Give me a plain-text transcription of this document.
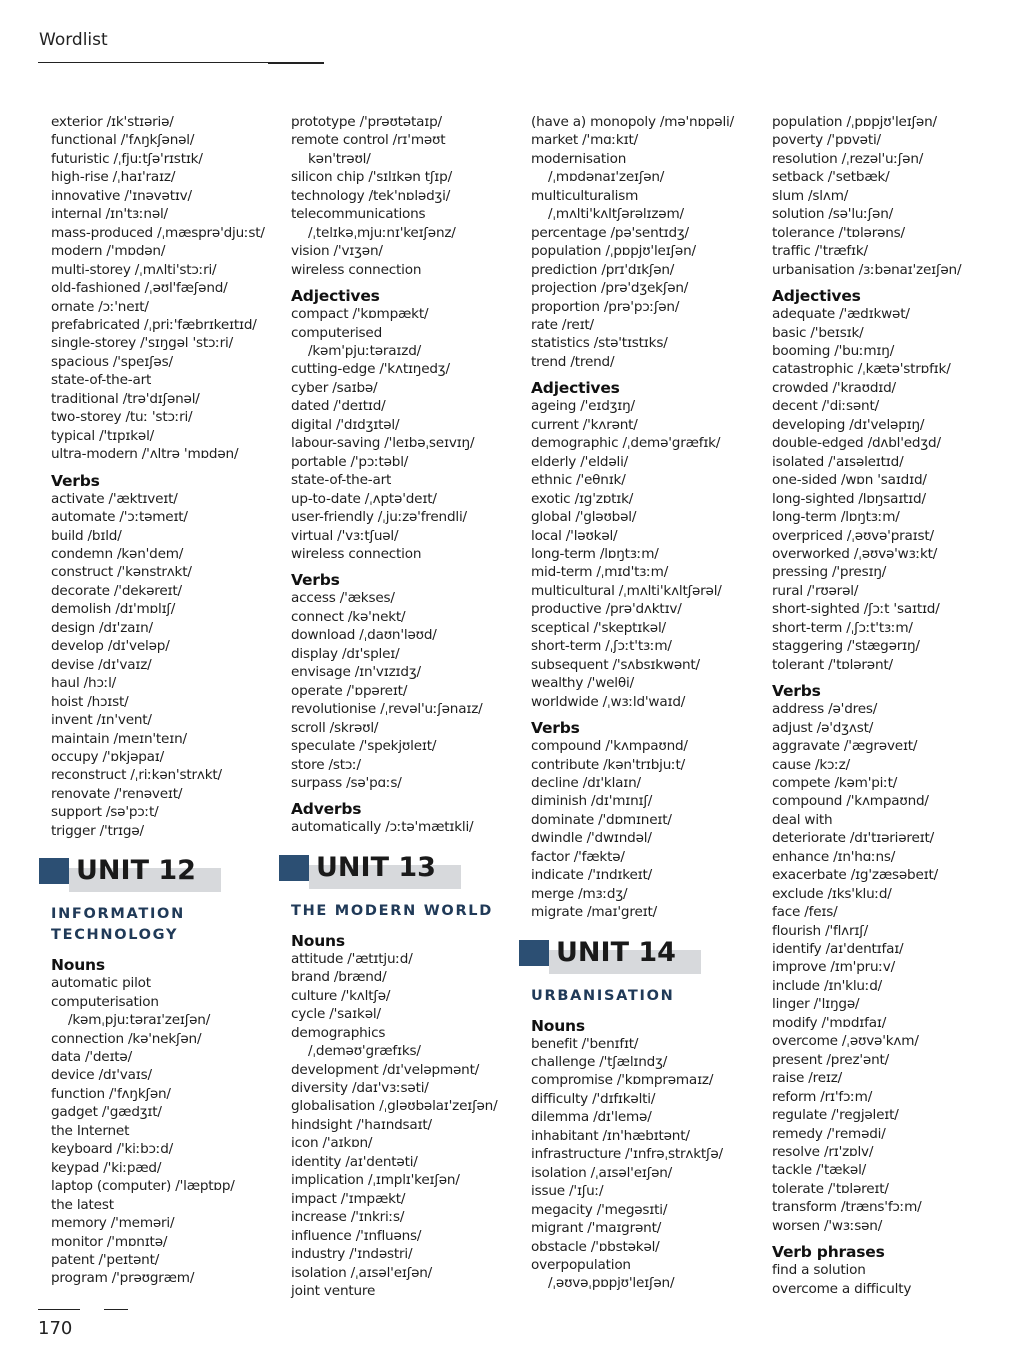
Wordlist
exterior /ɪk'stɪəriə/
functional /'fʌŋkʃənəl/
futuristic /ˌfjuːtʃə'rɪstɪk/
high-rise /ˌhaɪ'raɪz/
innovative /'ɪnəvətɪv/
internal /ɪn'tɜːnəl/
mass-produced /ˌmæsprə'djuːst/
modern /'mɒdən/
multi-storey /ˌmʌlti'stɔːri/
old-fashioned /ˌəʊl'fæʃənd/
ornate /ɔː'neɪt/
prefabricated /ˌpriː'fæbrɪkeɪtɪd/
single-storey /'sɪŋgəl 'stɔːri/
spacious /'speɪʃəs/
state-of-the-art
traditional /trə'dɪʃənəl/
two-storey /tuː 'stɔːri/
typical /'tɪpɪkəl/
ultra-modern /'ʌltrə 'mɒdən/
Verbs
activate /'æktɪveɪt/
automate /'ɔːtəmeɪt/
build /bɪld/
condemn /kən'dem/
construct /'kənstrʌkt/
decorate /'dekəreɪt/
demolish /dɪ'mɒlɪʃ/
design /dɪ'zaɪn/
develop /dɪ'veləp/
devise /dɪ'vaɪz/
haul /hɔːl/
hoist /hɔɪst/
invent /ɪn'vent/
maintain /meɪn'teɪn/
occupy /'ɒkjəpaɪ/
reconstruct /ˌriːkən'strʌkt/
renovate /'renəveɪt/
support /sə'pɔːt/
trigger /'trɪgə/
UNIT 12
INFORMATION
TECHNOLOGY
Nouns
automatic pilot
computerisation
/kəmˌpjuːtəraɪ'zeɪʃən/
connection /kə'nekʃən/
data /'deɪtə/
device /dɪ'vaɪs/
function /'fʌŋkʃən/
gadget /'gædʒɪt/
the Internet
keyboard /'kiːbɔːd/
keypad /'kiːpæd/
laptop (computer) /'læptɒp/
the latest
memory /'meməri/
monitor /'mɒnɪtə/
patent /'peɪtənt/
program /'prəʊgræm/
prototype /'prəʊtətaɪp/
remote control /rɪ'məʊt
kən'trəʊl/
silicon chip /'sɪlɪkən tʃɪp/
technology /tek'nɒlədʒi/
telecommunications
/ˌtelɪkəˌmjuːnɪ'keɪʃənz/
vision /'vɪʒən/
wireless connection
Adjectives
compact /'kɒmpækt/
computerised
/kəm'pjuːtəraɪzd/
cutting-edge /'kʌtɪŋedʒ/
cyber /saɪbə/
dated /'deɪtɪd/
digital /'dɪdʒɪtəl/
labour-saving /'leɪbəˌseɪvɪŋ/
portable /'pɔːtəbl/
state-of-the-art
up-to-date /ˌʌptə'deɪt/
user-friendly /ˌjuːzə'frendli/
virtual /'vɜːtʃuəl/
wireless connection
Verbs
access /'ækses/
connect /kə'nekt/
download /ˌdaʊn'ləʊd/
display /dɪ'spleɪ/
envisage /ɪn'vɪzɪdʒ/
operate /'ɒpəreɪt/
revolutionise /ˌrevəl'uːʃənaɪz/
scroll /skrəʊl/
speculate /'spekjʊleɪt/
store /stɔː/
surpass /sə'pɑːs/
Adverbs
automatically /ɔːtə'mætɪkli/
UNIT 13
THE MODERN WORLD
Nouns
attitude /'ætɪtjuːd/
brand /brænd/
culture /'kʌltʃə/
cycle /'saɪkəl/
demographics
/ˌdeməʊ'græfɪks/
development /dɪ'veləpmənt/
diversity /daɪ'vɜːsəti/
globalisation /ˌgləʊbəlaɪ'zeɪʃən/
hindsight /'haɪndsaɪt/
icon /'aɪkɒn/
identity /aɪ'dentəti/
implication /ˌɪmplɪ'keɪʃən/
impact /'ɪmpækt/
increase /'ɪnkriːs/
influence /'ɪnfluəns/
industry /'ɪndəstri/
isolation /ˌaɪsəl'eɪʃən/
joint venture
(have a) monopoly /mə'nɒpəli/
market /'mɑːkɪt/
modernisation
/ˌmɒdənaɪ'zeɪʃən/
multiculturalism
/ˌmʌlti'kʌltʃərəlɪzəm/
percentage /pə'sentɪdʒ/
population /ˌpɒpjʊ'leɪʃən/
prediction /prɪ'dɪkʃən/
projection /prə'dʒekʃən/
proportion /prə'pɔːʃən/
rate /reɪt/
statistics /stə'tɪstɪks/
trend /trend/
Adjectives
ageing /'eɪdʒɪŋ/
current /'kʌrənt/
demographic /ˌdemə'græfɪk/
elderly /'eldəli/
ethnic /'eθnɪk/
exotic /ɪg'zɒtɪk/
global /'gləʊbəl/
local /'ləʊkəl/
long-term /lɒŋtɜːm/
mid-term /ˌmɪd'tɜːm/
multicultural /ˌmʌlti'kʌltʃərəl/
productive /prə'dʌktɪv/
sceptical /'skeptɪkəl/
short-term /ˌʃɔːt'tɜːm/
subsequent /'sʌbsɪkwənt/
wealthy /'welθi/
worldwide /ˌwɜːld'waɪd/
Verbs
compound /'kʌmpaʊnd/
contribute /kən'trɪbjuːt/
decline /dɪ'klaɪn/
diminish /dɪ'mɪnɪʃ/
dominate /'dɒmɪneɪt/
dwindle /'dwɪndəl/
factor /'fæktə/
indicate /'ɪndɪkeɪt/
merge /mɜːdʒ/
migrate /maɪ'greɪt/
UNIT 14
URBANISATION
Nouns
benefit /'benɪfɪt/
challenge /'tʃælɪndʒ/
compromise /'kɒmprəmaɪz/
difficulty /'dɪfɪkəlti/
dilemma /dɪ'lemə/
inhabitant /ɪn'hæbɪtənt/
infrastructure /'ɪnfrəˌstrʌktʃə/
isolation /ˌaɪsəl'eɪʃən/
issue /'ɪʃuː/
megacity /'megəsɪti/
migrant /'maɪgrənt/
obstacle /'ɒbstəkəl/
overpopulation
/ˌəʊvəˌpɒpjʊ'leɪʃən/
population /ˌpɒpjʊ'leɪʃən/
poverty /'pɒvəti/
resolution /ˌrezəl'uːʃən/
setback /'setbæk/
slum /slʌm/
solution /sə'luːʃən/
tolerance /'tɒlərəns/
traffic /'træfɪk/
urbanisation /ɜːbənaɪ'zeɪʃən/
Adjectives
adequate /'ædɪkwət/
basic /'beɪsɪk/
booming /'buːmɪŋ/
catastrophic /ˌkætə'strɒfɪk/
crowded /'kraʊdɪd/
decent /'diːsənt/
developing /dɪ'veləpɪŋ/
double-edged /dʌbl'edʒd/
isolated /'aɪsəleɪtɪd/
one-sided /wɒn 'saɪdɪd/
long-sighted /lɒŋsaɪtɪd/
long-term /lɒŋtɜːm/
overpriced /ˌəʊvə'praɪst/
overworked /ˌəʊvə'wɜːkt/
pressing /'presɪŋ/
rural /'rʊərəl/
short-sighted /ʃɔːt 'saɪtɪd/
short-term /ˌʃɔːt'tɜːm/
staggering /'stægərɪŋ/
tolerant /'tɒlərənt/
Verbs
address /ə'dres/
adjust /ə'dʒʌst/
aggravate /'ægrəveɪt/
cause /kɔːz/
compete /kəm'piːt/
compound /'kʌmpaʊnd/
deal with
deteriorate /dɪ'tɪəriəreɪt/
enhance /ɪn'hɑːns/
exacerbate /ɪg'zæsəbeɪt/
exclude /ɪks'kluːd/
face /feɪs/
flourish /'flʌrɪʃ/
identify /aɪ'dentɪfaɪ/
improve /ɪm'pruːv/
include /ɪn'kluːd/
linger /'lɪŋgə/
modify /'mɒdɪfaɪ/
overcome /ˌəʊvə'kʌm/
present /prez'ənt/
raise /reɪz/
reform /rɪ'fɔːm/
regulate /'regjəleɪt/
remedy /'remədi/
resolve /rɪ'zɒlv/
tackle /'tækəl/
tolerate /'tɒləreɪt/
transform /træns'fɔːm/
worsen /'wɜːsən/
Verb phrases
find a solution
overcome a difficulty
170
